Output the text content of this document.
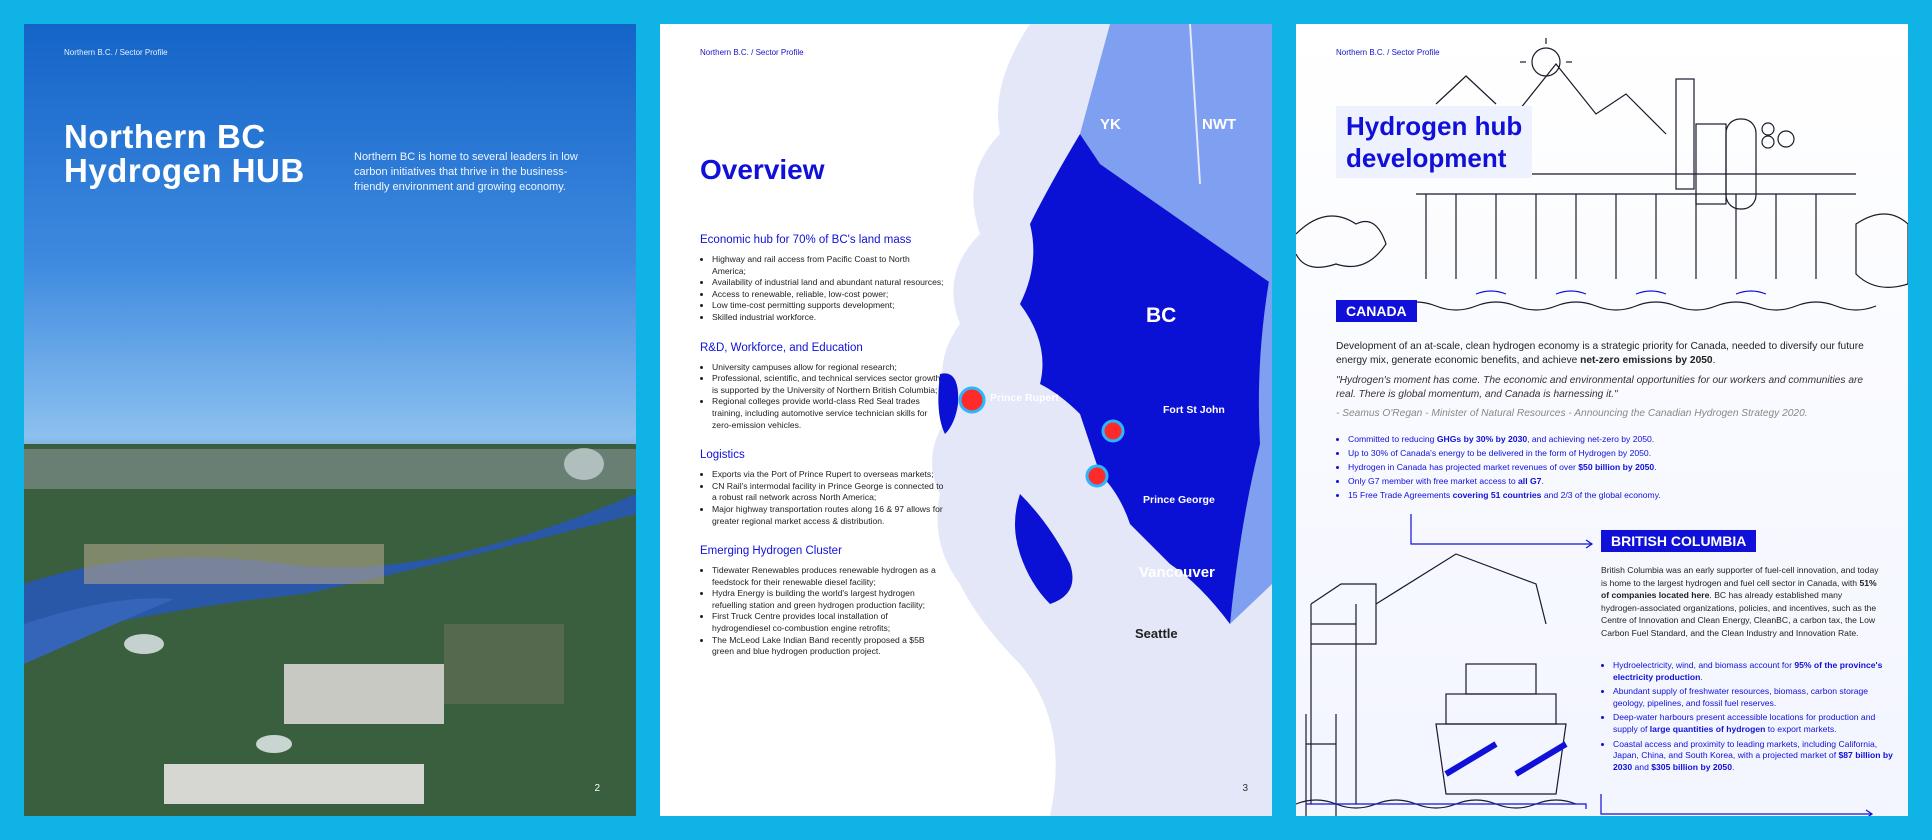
Northern B.C. / Sector Profile
Northern BC
Hydrogen HUB	Northern BC is home to several leaders in low carbon initiatives that thrive in the business-friendly environment and growing economy.
2
YK	NWT
BC
Prince Rupert
Fort St John
Prince George
Vancouver
Seattle
Northern B.C. / Sector Profile
Overview
Economic hub for 70% of BC's land mass
• Highway and rail access from Pacific Coast to North America;
• Availability of industrial land and abundant natural resources;
• Access to renewable, reliable, low-cost power;
• Low time-cost permitting supports development;
• Skilled industrial workforce.
R&D, Workforce, and Education
• University campuses allow for regional research;
• Professional, scientific, and technical services sector growth is supported by the University of Northern British Columbia;
• Regional colleges provide world-class Red Seal trades training, including automotive service technician skills for zero-emission vehicles.
Logistics
• Exports via the Port of Prince Rupert to overseas markets;
• CN Rail's intermodal facility in Prince George is connected to a robust rail network across North America;
• Major highway transportation routes along 16 & 97 allows for greater regional market access & distribution.
Emerging Hydrogen Cluster
• Tidewater Renewables produces renewable hydrogen as a feedstock for their renewable diesel facility;
• Hydra Energy is building the world's largest hydrogen refuelling station and green hydrogen production facility;
• First Truck Centre provides local installation of hydrogendiesel co-combustion engine retrofits;
• The McLeod Lake Indian Band recently proposed a $5B green and blue hydrogen production project.
3
Northern B.C. / Sector Profile
Hydrogen hub
development
CANADA
Development of an at-scale, clean hydrogen economy is a strategic priority for Canada, needed to diversify our future energy mix, generate economic benefits, and achieve net-zero emissions by 2050.
"Hydrogen's moment has come. The economic and environmental opportunities for our workers and communities are real. There is global momentum, and Canada is harnessing it."
- Seamus O'Regan - Minister of Natural Resources - Announcing the Canadian Hydrogen Strategy 2020.
• Committed to reducing GHGs by 30% by 2030, and achieving net-zero by 2050.
• Up to 30% of Canada's energy to be delivered in the form of Hydrogen by 2050.
• Hydrogen in Canada has projected market revenues of over $50 billion by 2050.
• Only G7 member with free market access to all G7.
• 15 Free Trade Agreements covering 51 countries and 2/3 of the global economy.
BRITISH COLUMBIA
British Columbia was an early supporter of fuel-cell innovation, and today is home to the largest hydrogen and fuel cell sector in Canada, with 51% of companies located here. BC has already established many hydrogen-associated organizations, policies, and incentives, such as the Centre of Innovation and Clean Energy, CleanBC, a carbon tax, the Low Carbon Fuel Standard, and the Clean Industry and Innovation Rate.
• Hydroelectricity, wind, and biomass account for 95% of the province's electricity production.
• Abundant supply of freshwater resources, biomass, carbon storage geology, pipelines, and fossil fuel reserves.
• Deep-water harbours present accessible locations for production and supply of large quantities of hydrogen to export markets.
• Coastal access and proximity to leading markets, including California, Japan, China, and South Korea, with a projected market of $87 billion by 2030 and $305 billion by 2050.
